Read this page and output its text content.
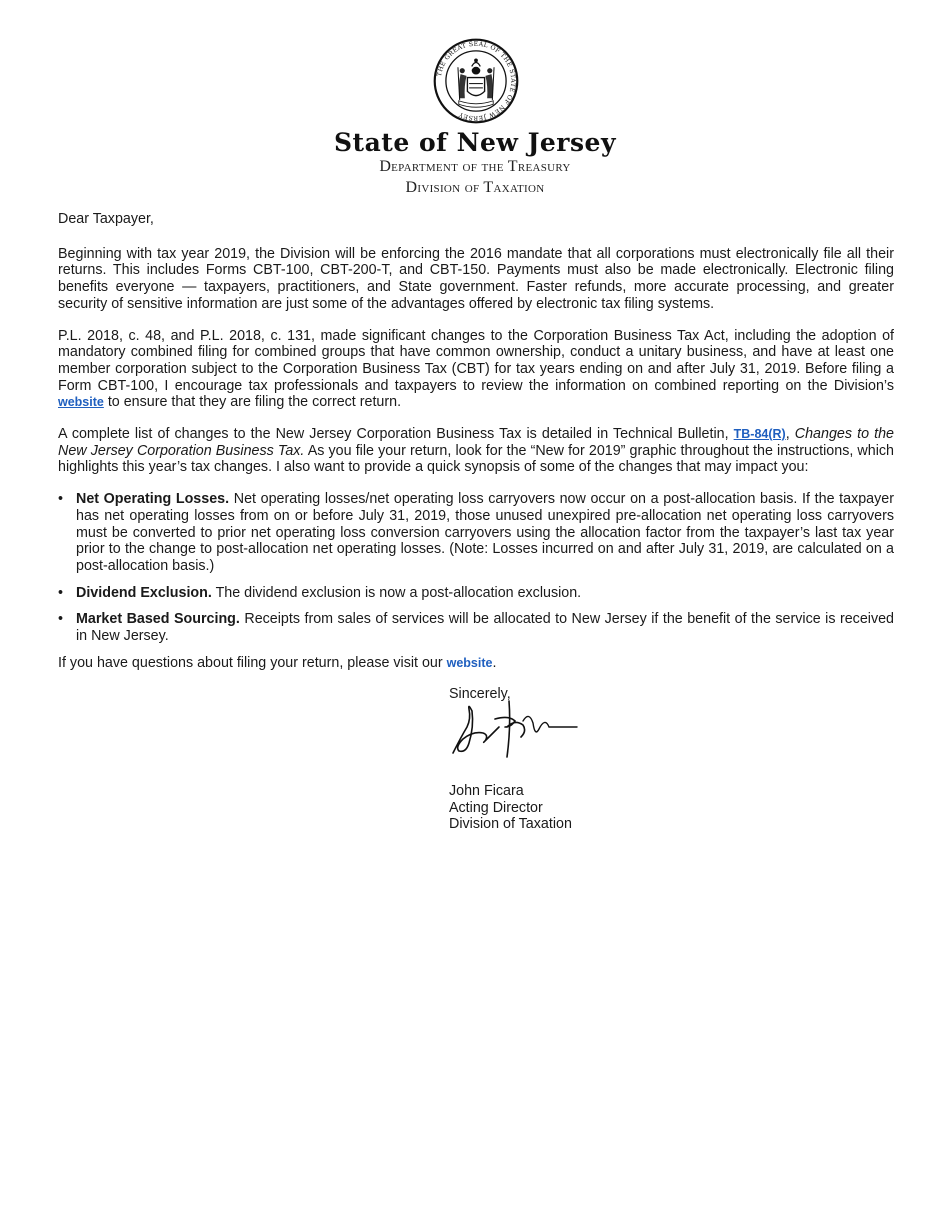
THE GREAT SEAL OF THE STATE OF NEW JERSEY
State of New Jersey
Department of the Treasury
Division of Taxation

Dear Taxpayer,

Beginning with tax year 2019, the Division will be enforcing the 2016 mandate that all corporations must electronically file all their returns. This includes Forms CBT-100, CBT-200-T, and CBT-150. Payments must also be made electronically. Electronic filing benefits everyone — taxpayers, practitioners, and State government. Faster refunds, more accurate processing, and greater security of sensitive information are just some of the advantages offered by electronic tax filing systems.

P.L. 2018, c. 48, and P.L. 2018, c. 131, made significant changes to the Corporation Business Tax Act, including the adoption of mandatory combined filing for combined groups that have common ownership, conduct a unitary business, and have at least one member corporation subject to the Corporation Business Tax (CBT) for tax years ending on and after July 31, 2019. Before filing a Form CBT-100, I encourage tax professionals and taxpayers to review the information on combined reporting on the Division’s website to ensure that they are filing the correct return.

A complete list of changes to the New Jersey Corporation Business Tax is detailed in Technical Bulletin, TB-84(R), Changes to the New Jersey Corporation Business Tax. As you file your return, look for the “New for 2019” graphic throughout the instructions, which highlights this year’s tax changes. I also want to provide a quick synopsis of some of the changes that may impact you:

• Net Operating Losses. Net operating losses/net operating loss carryovers now occur on a post-allocation basis. If the taxpayer has net operating losses from on or before July 31, 2019, those unused unexpired pre-allocation net operating loss carryovers must be converted to prior net operating loss conversion carryovers using the allocation factor from the taxpayer’s last tax year prior to the change to post-allocation net operating losses. (Note: Losses incurred on and after July 31, 2019, are calculated on a post-allocation basis.)
• Dividend Exclusion. The dividend exclusion is now a post-allocation exclusion.
• Market Based Sourcing. Receipts from sales of services will be allocated to New Jersey if the benefit of the service is received in New Jersey.

If you have questions about filing your return, please visit our website.

Sincerely,
John Ficara
Acting Director
Division of Taxation
